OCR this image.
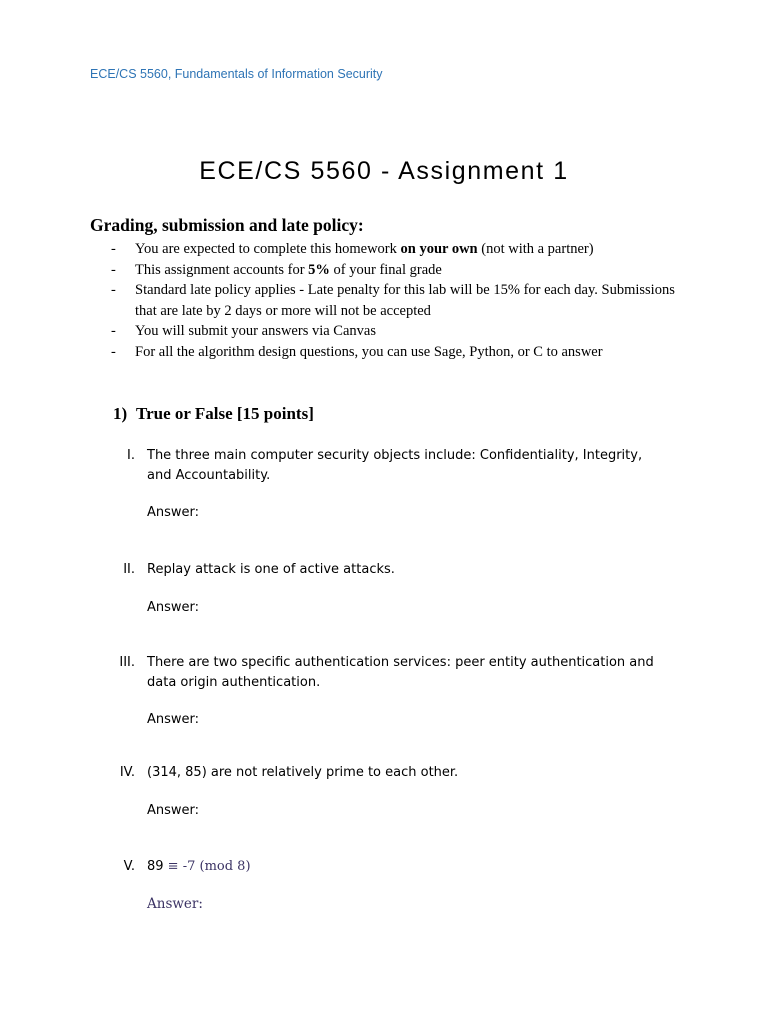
ECE/CS 5560, Fundamentals of Information Security
ECE/CS 5560 - Assignment 1
Grading, submission and late policy:
- You are expected to complete this homework on your own (not with a partner)
- This assignment accounts for 5% of your final grade
- Standard late policy applies - Late penalty for this lab will be 15% for each day. Submissions that are late by 2 days or more will not be accepted
- You will submit your answers via Canvas
- For all the algorithm design questions, you can use Sage, Python, or C to answer
1) True or False [15 points]
I. The three main computer security objects include: Confidentiality, Integrity, and Accountability.
Answer:
II. Replay attack is one of active attacks.
Answer:
III. There are two specific authentication services: peer entity authentication and data origin authentication.
Answer:
IV. (314, 85) are not relatively prime to each other.
Answer:
V. 89 ≡ -7 (mod 8)
Answer:
